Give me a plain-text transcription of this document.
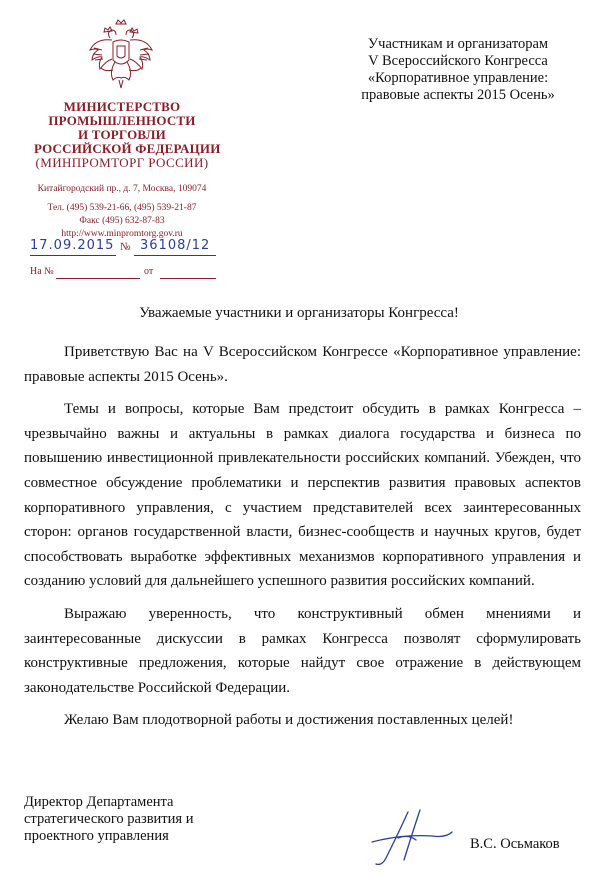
МИНИСТЕРСТВО
ПРОМЫШЛЕННОСТИ
И ТОРГОВЛИ
РОССИЙСКОЙ ФЕДЕРАЦИИ
(МИНПРОМТОРГ РОССИИ)
Китайгородский пр., д. 7, Москва, 109074
Тел. (495) 539-21-66, (495) 539-21-87
Факс (495) 632-87-83
http://www.minpromtorg.gov.ru
17.09.2015 № 36108/12
На №	от
Участникам и организаторам
V Всероссийского Конгресса
«Корпоративное управление:
правовые аспекты 2015 Осень»
Уважаемые участники и организаторы Конгресса!

Приветствую Вас на V Всероссийском Конгрессе «Корпоративное управление: правовые аспекты 2015 Осень».

Темы и вопросы, которые Вам предстоит обсудить в рамках Конгресса – чрезвычайно важны и актуальны в рамках диалога государства и бизнеса по повышению инвестиционной привлекательности российских компаний. Убежден, что совместное обсуждение проблематики и перспектив развития правовых аспектов корпоративного управления, с участием представителей всех заинтересованных сторон: органов государственной власти, бизнес-сообществ и научных кругов, будет способствовать выработке эффективных механизмов корпоративного управления и созданию условий для дальнейшего успешного развития российских компаний.

Выражаю уверенность, что конструктивный обмен мнениями и заинтересованные дискуссии в рамках Конгресса позволят сформулировать конструктивные предложения, которые найдут свое отражение в действующем законодательстве Российской Федерации.

Желаю Вам плодотворной работы и достижения поставленных целей!

Директор Департамента
стратегического развития и
проектного управления	В.С. Осьмаков
